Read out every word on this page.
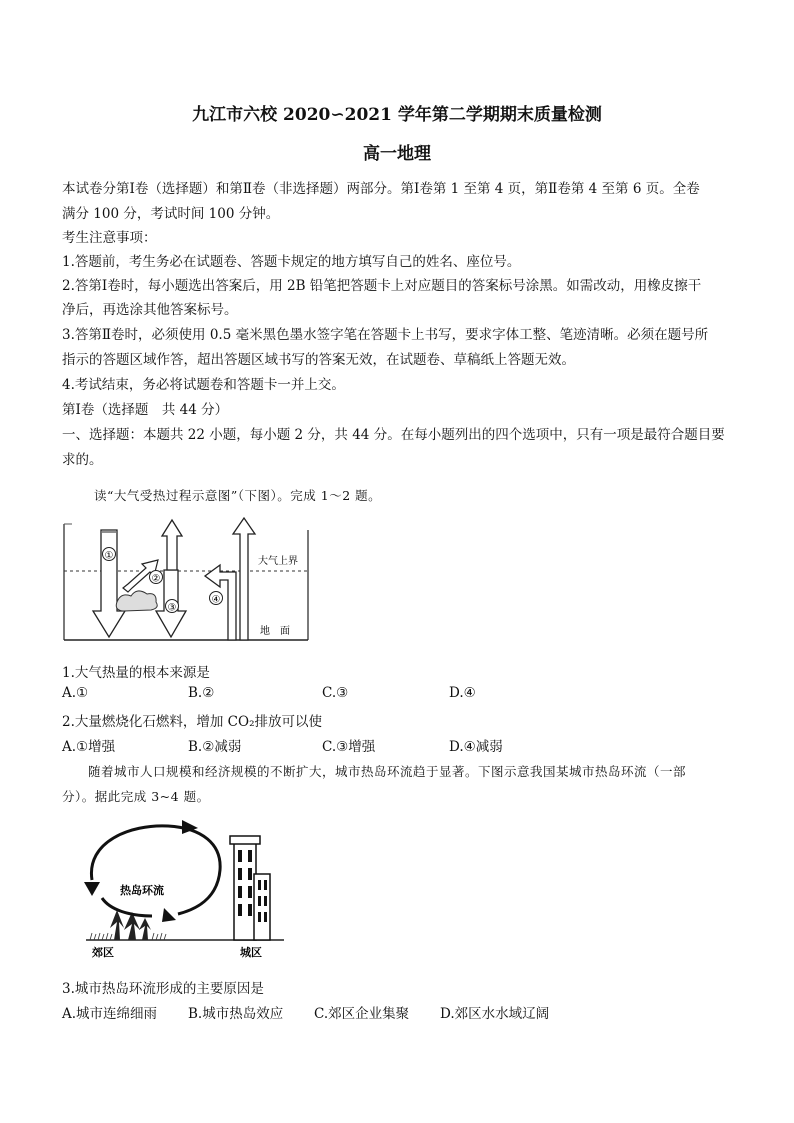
九江市六校 2020∽2021 学年第二学期期末质量检测
高一地理
本试卷分第Ⅰ卷（选择题）和第Ⅱ卷（非选择题）两部分。第Ⅰ卷第 1 至第 4 页，第Ⅱ卷第 4 至第 6 页。全卷
满分 100 分，考试时间 100 分钟。
考生注意事项：
1.答题前，考生务必在试题卷、答题卡规定的地方填写自己的姓名、座位号。
2.答第Ⅰ卷时，每小题选出答案后，用 2B 铅笔把答题卡上对应题目的答案标号涂黑。如需改动，用橡皮擦干
净后，再选涂其他答案标号。
3.答第Ⅱ卷时，必须使用 0.5 毫米黑色墨水签字笔在答题卡上书写，要求字体工整、笔迹清晰。必须在题号所
指示的答题区域作答，超出答题区域书写的答案无效，在试题卷、草稿纸上答题无效。
4.考试结束，务必将试题卷和答题卡一并上交。
第Ⅰ卷（选择题　共 44 分）
一、选择题：本题共 22 小题，每小题 2 分，共 44 分。在每小题列出的四个选项中，只有一项是最符合题目要
求的。
读“大气受热过程示意图”（下图）。完成 1～2 题。
①
②
③
④
大气上界
地　面
1.大气热量的根本来源是
A.①	B.②	C.③	D.④
2.大量燃烧化石燃料，增加 CO₂排放可以使
A.①增强	B.②减弱	C.③增强	D.④减弱
随着城市人口规模和经济规模的不断扩大，城市热岛环流趋于显著。下图示意我国某城市热岛环流（一部
分）。据此完成 3~4 题。
热岛环流
郊区	城区
3.城市热岛环流形成的主要原因是
A.城市连绵细雨 B.城市热岛效应 C.郊区企业集聚 D.郊区水水域辽阔
